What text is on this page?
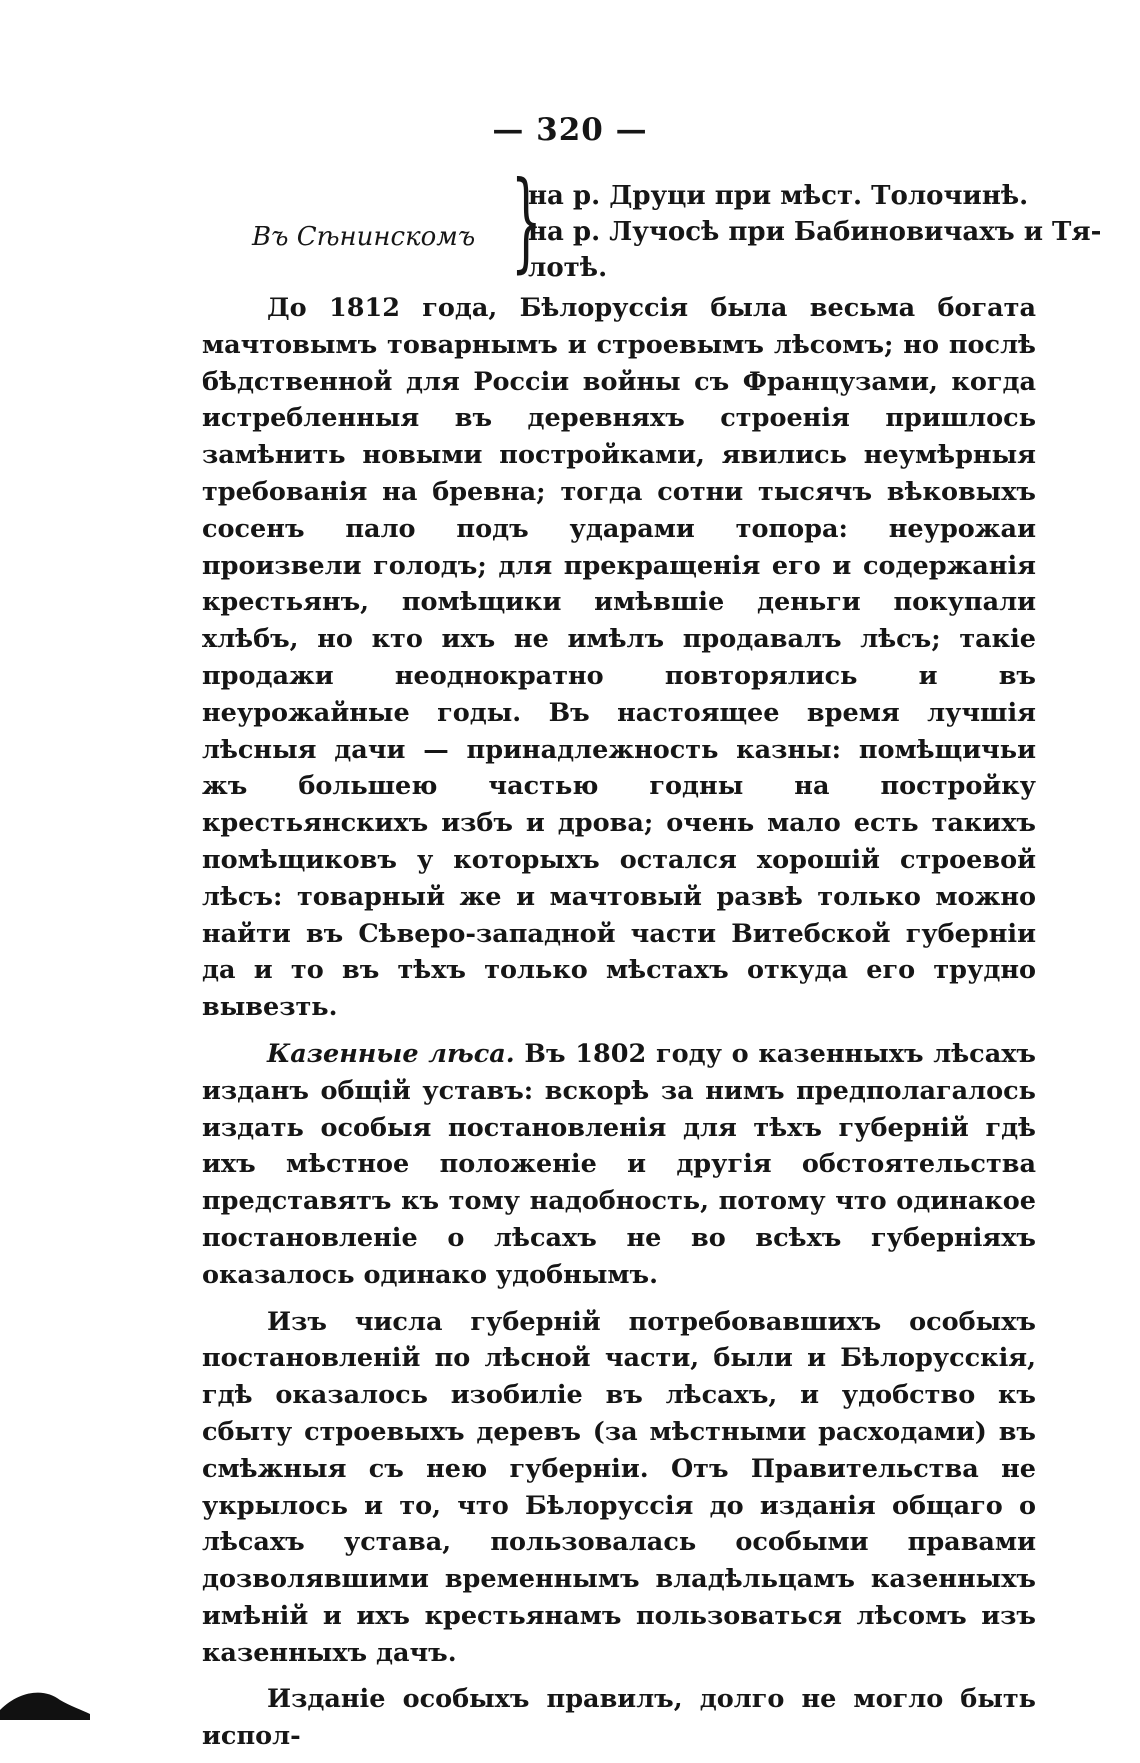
— 320 —
Въ Сѣнинскомъ }
на р. Друци при мѣст. Толочинѣ.
на р. Лучосѣ при Бабиновичахъ и Тя-
лотѣ.

До 1812 года, Бѣлоруссія была весьма богата мачтовымъ товарнымъ и строевымъ лѣсомъ; но послѣ бѣдственной для Россіи войны съ Французами, когда истребленныя въ деревняхъ строенія пришлось замѣнить новыми постройками, явились неумѣрныя требованія на бревна; тогда сотни тысячъ вѣковыхъ сосенъ пало подъ ударами топора: неурожаи произвели голодъ; для прекращенія его и содержанія крестьянъ, помѣщики имѣвшіе деньги покупали хлѣбъ, но кто ихъ не имѣлъ продавалъ лѣсъ; такіе продажи неоднократно повторялись и въ неурожайные годы. Въ настоящее время лучшія лѣсныя дачи — принадлежность казны: помѣщичьи жъ большею частью годны на постройку крестьянскихъ избъ и дрова; очень мало есть такихъ помѣщиковъ у которыхъ остался хорошій строевой лѣсъ: товарный же и мачтовый развѣ только можно найти въ Сѣверо-западной части Витебской губерніи да и то въ тѣхъ только мѣстахъ откуда его трудно вывезть.

Казенные лѣса. Въ 1802 году о казенныхъ лѣсахъ изданъ общій уставъ: вскорѣ за нимъ предполагалось издать особыя постановленія для тѣхъ губерній гдѣ ихъ мѣстное положеніе и другія обстоятельства представятъ къ тому надобность, потому что одинакое постановленіе о лѣсахъ не во всѣхъ губерніяхъ оказалось одинако удобнымъ.

Изъ числа губерній потребовавшихъ особыхъ постановленій по лѣсной части, были и Бѣлорусскія, гдѣ оказалось изобиліе въ лѣсахъ, и удобство къ сбыту строевыхъ деревъ (за мѣстными расходами) въ смѣжныя съ нею губерніи. Отъ Правительства не укрылось и то, что Бѣлоруссія до изданія общаго о лѣсахъ устава, пользовалась особыми правами дозволявшими временнымъ владѣльцамъ казенныхъ имѣній и ихъ крестьянамъ пользоваться лѣсомъ изъ казенныхъ дачъ.

Изданіе особыхъ правилъ, долго не могло быть испол-
